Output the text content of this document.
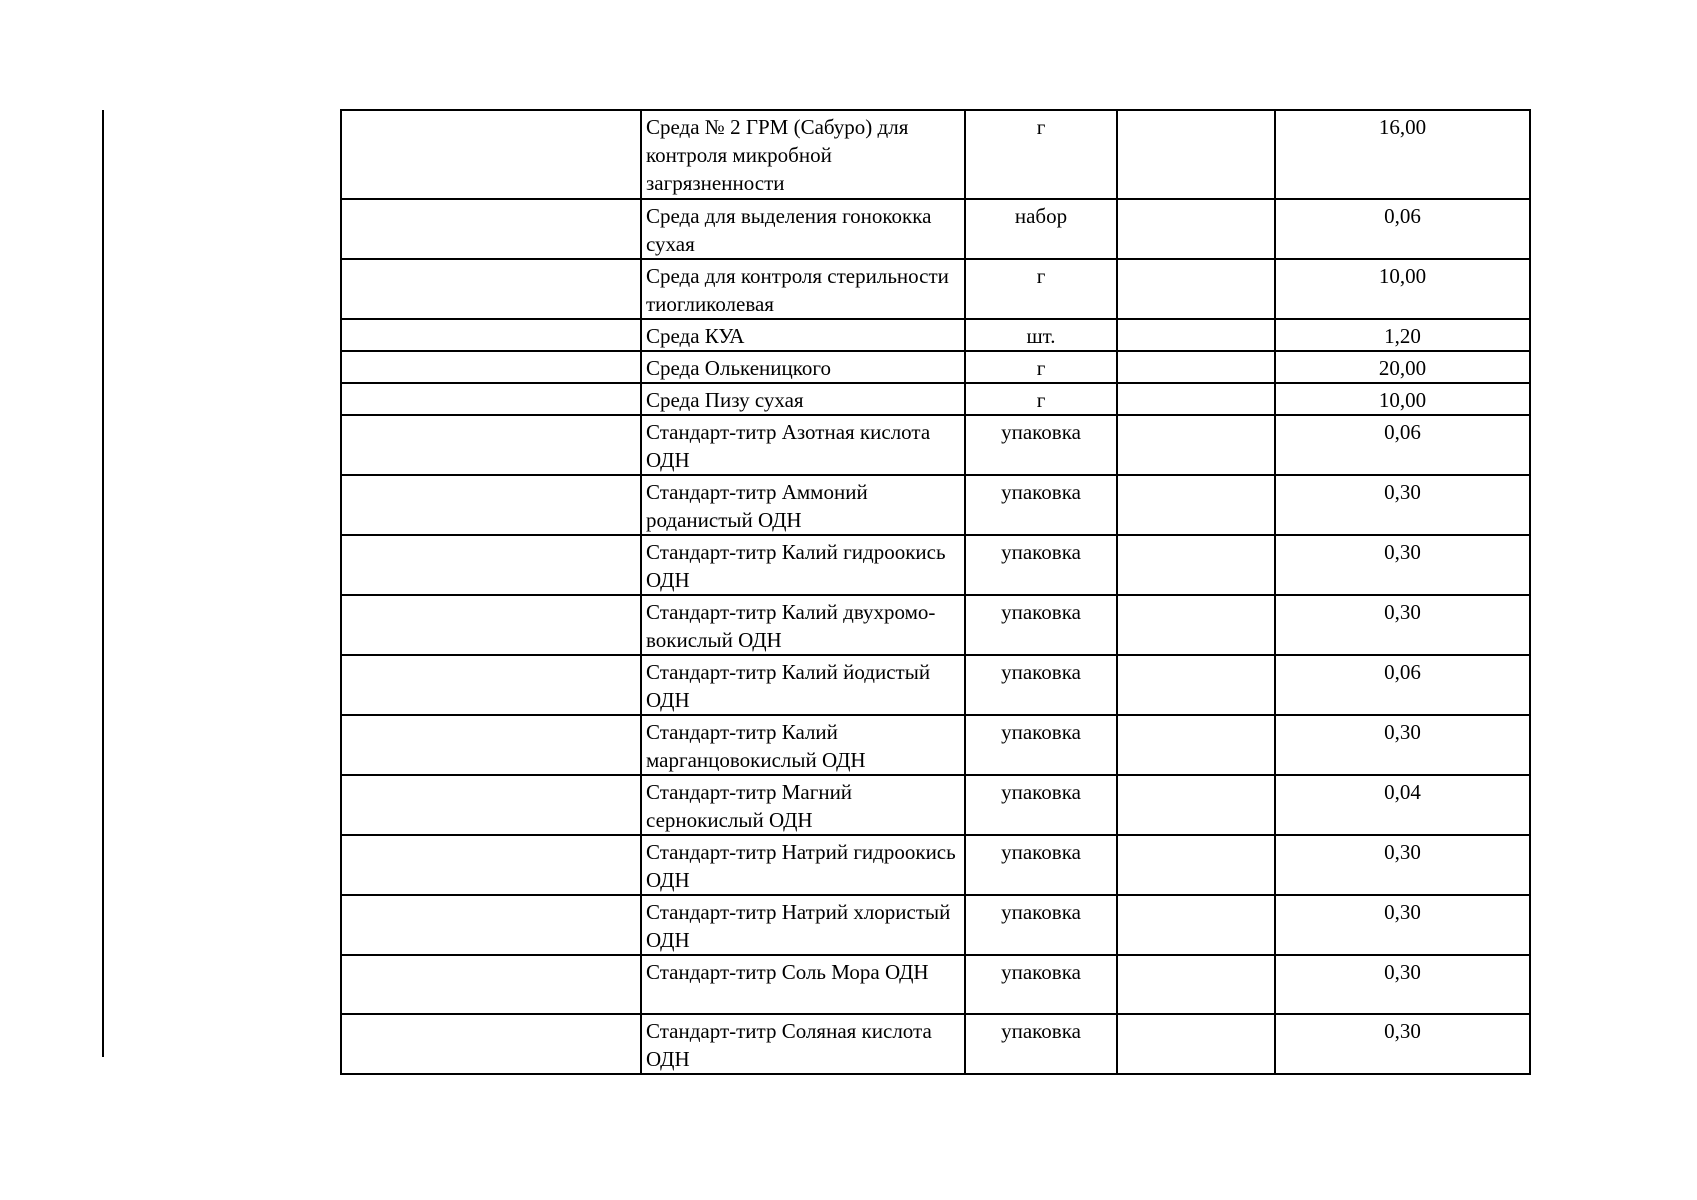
	Среда № 2 ГРМ (Сабуро) для контроля микробной загрязненности	г		16,00
	Среда для выделения гонококка сухая	набор		0,06
	Среда для контроля стерильности тиогликолевая	г		10,00
	Среда КУА	шт.		1,20
	Среда Олькеницкого	г		20,00
	Среда Пизу сухая	г		10,00
	Стандарт-титр Азотная кислота ОДН	упаковка		0,06
	Стандарт-титр Аммоний роданистый ОДН	упаковка		0,30
	Стандарт-титр Калий гидроокись ОДН	упаковка		0,30
	Стандарт-титр Калий двухромо-вокислый ОДН	упаковка		0,30
	Стандарт-титр Калий йодистый ОДН	упаковка		0,06
	Стандарт-титр Калий марганцовокислый ОДН	упаковка		0,30
	Стандарт-титр Магний сернокислый ОДН	упаковка		0,04
	Стандарт-титр Натрий гидроокись ОДН	упаковка		0,30
	Стандарт-титр Натрий хлористый ОДН	упаковка		0,30
	Стандарт-титр Соль Мора ОДН	упаковка		0,30
	Стандарт-титр Соляная кислота ОДН	упаковка		0,30
